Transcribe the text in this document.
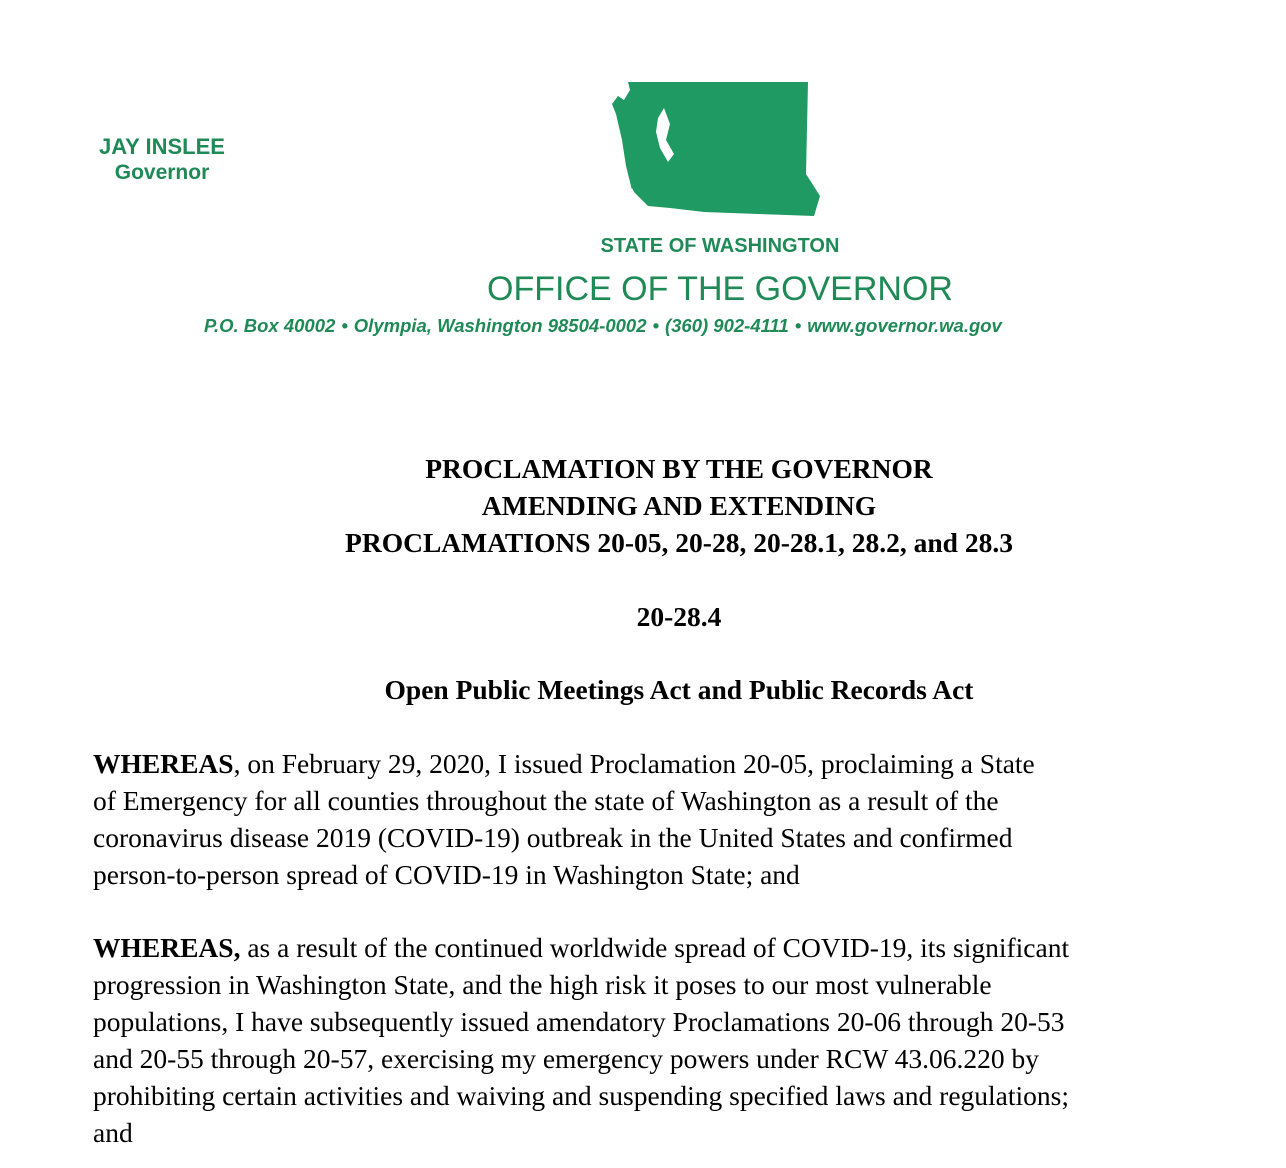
JAY INSLEE
Governor
STATE OF WASHINGTON
OFFICE OF THE GOVERNOR
P.O. Box 40002 • Olympia, Washington 98504-0002 • (360) 902-4111 • www.governor.wa.gov
PROCLAMATION BY THE GOVERNOR
AMENDING AND EXTENDING
PROCLAMATIONS 20-05, 20-28, 20-28.1, 28.2, and 28.3
20-28.4
Open Public Meetings Act and Public Records Act
WHEREAS, on February 29, 2020, I issued Proclamation 20-05, proclaiming a State
of Emergency for all counties throughout the state of Washington as a result of the
coronavirus disease 2019 (COVID-19) outbreak in the United States and confirmed
person-to-person spread of COVID-19 in Washington State; and
WHEREAS, as a result of the continued worldwide spread of COVID-19, its significant
progression in Washington State, and the high risk it poses to our most vulnerable
populations, I have subsequently issued amendatory Proclamations 20-06 through 20-53
and 20-55 through 20-57, exercising my emergency powers under RCW 43.06.220 by
prohibiting certain activities and waiving and suspending specified laws and regulations;
and
